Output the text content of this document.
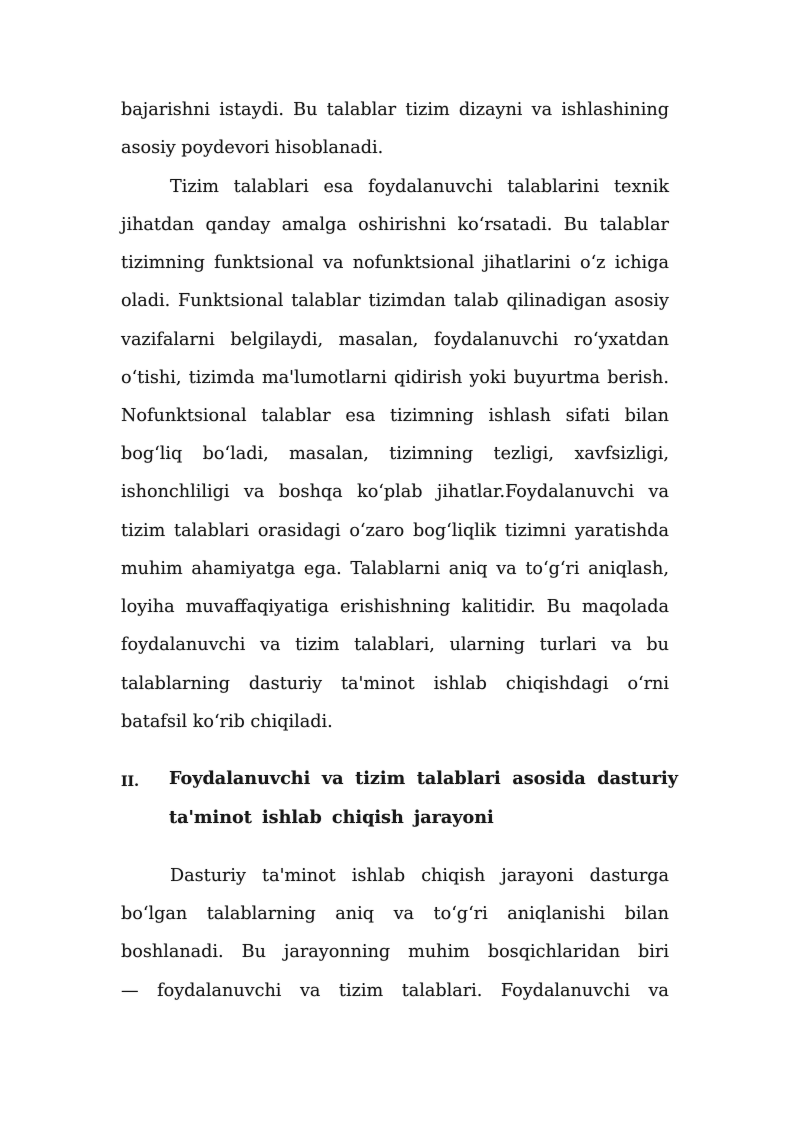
bajarishni istaydi. Bu talablar tizim dizayni va ishlashining
asosiy poydevori hisoblanadi.
Tizim talablari esa foydalanuvchi talablarini texnik
jihatdan qanday amalga oshirishni ko‘rsatadi. Bu talablar
tizimning funktsional va nofunktsional jihatlarini o‘z ichiga
oladi. Funktsional talablar tizimdan talab qilinadigan asosiy
vazifalarni belgilaydi, masalan, foydalanuvchi ro‘yxatdan
o‘tishi, tizimda ma'lumotlarni qidirish yoki buyurtma berish.
Nofunktsional talablar esa tizimning ishlash sifati bilan
bog‘liq bo‘ladi, masalan, tizimning tezligi, xavfsizligi,
ishonchliligi va boshqa ko‘plab jihatlar.Foydalanuvchi va
tizim talablari orasidagi o‘zaro bog‘liqlik tizimni yaratishda
muhim ahamiyatga ega. Talablarni aniq va to‘g‘ri aniqlash,
loyiha muvaffaqiyatiga erishishning kalitidir. Bu maqolada
foydalanuvchi va tizim talablari, ularning turlari va bu
talablarning dasturiy ta'minot ishlab chiqishdagi o‘rni
batafsil ko‘rib chiqiladi.
II. Foydalanuvchi va tizim talablari asosida dasturiy
ta'minot ishlab chiqish jarayoni
Dasturiy ta'minot ishlab chiqish jarayoni dasturga
bo‘lgan talablarning aniq va to‘g‘ri aniqlanishi bilan
boshlanadi. Bu jarayonning muhim bosqichlaridan biri
— foydalanuvchi va tizim talablari. Foydalanuvchi va
